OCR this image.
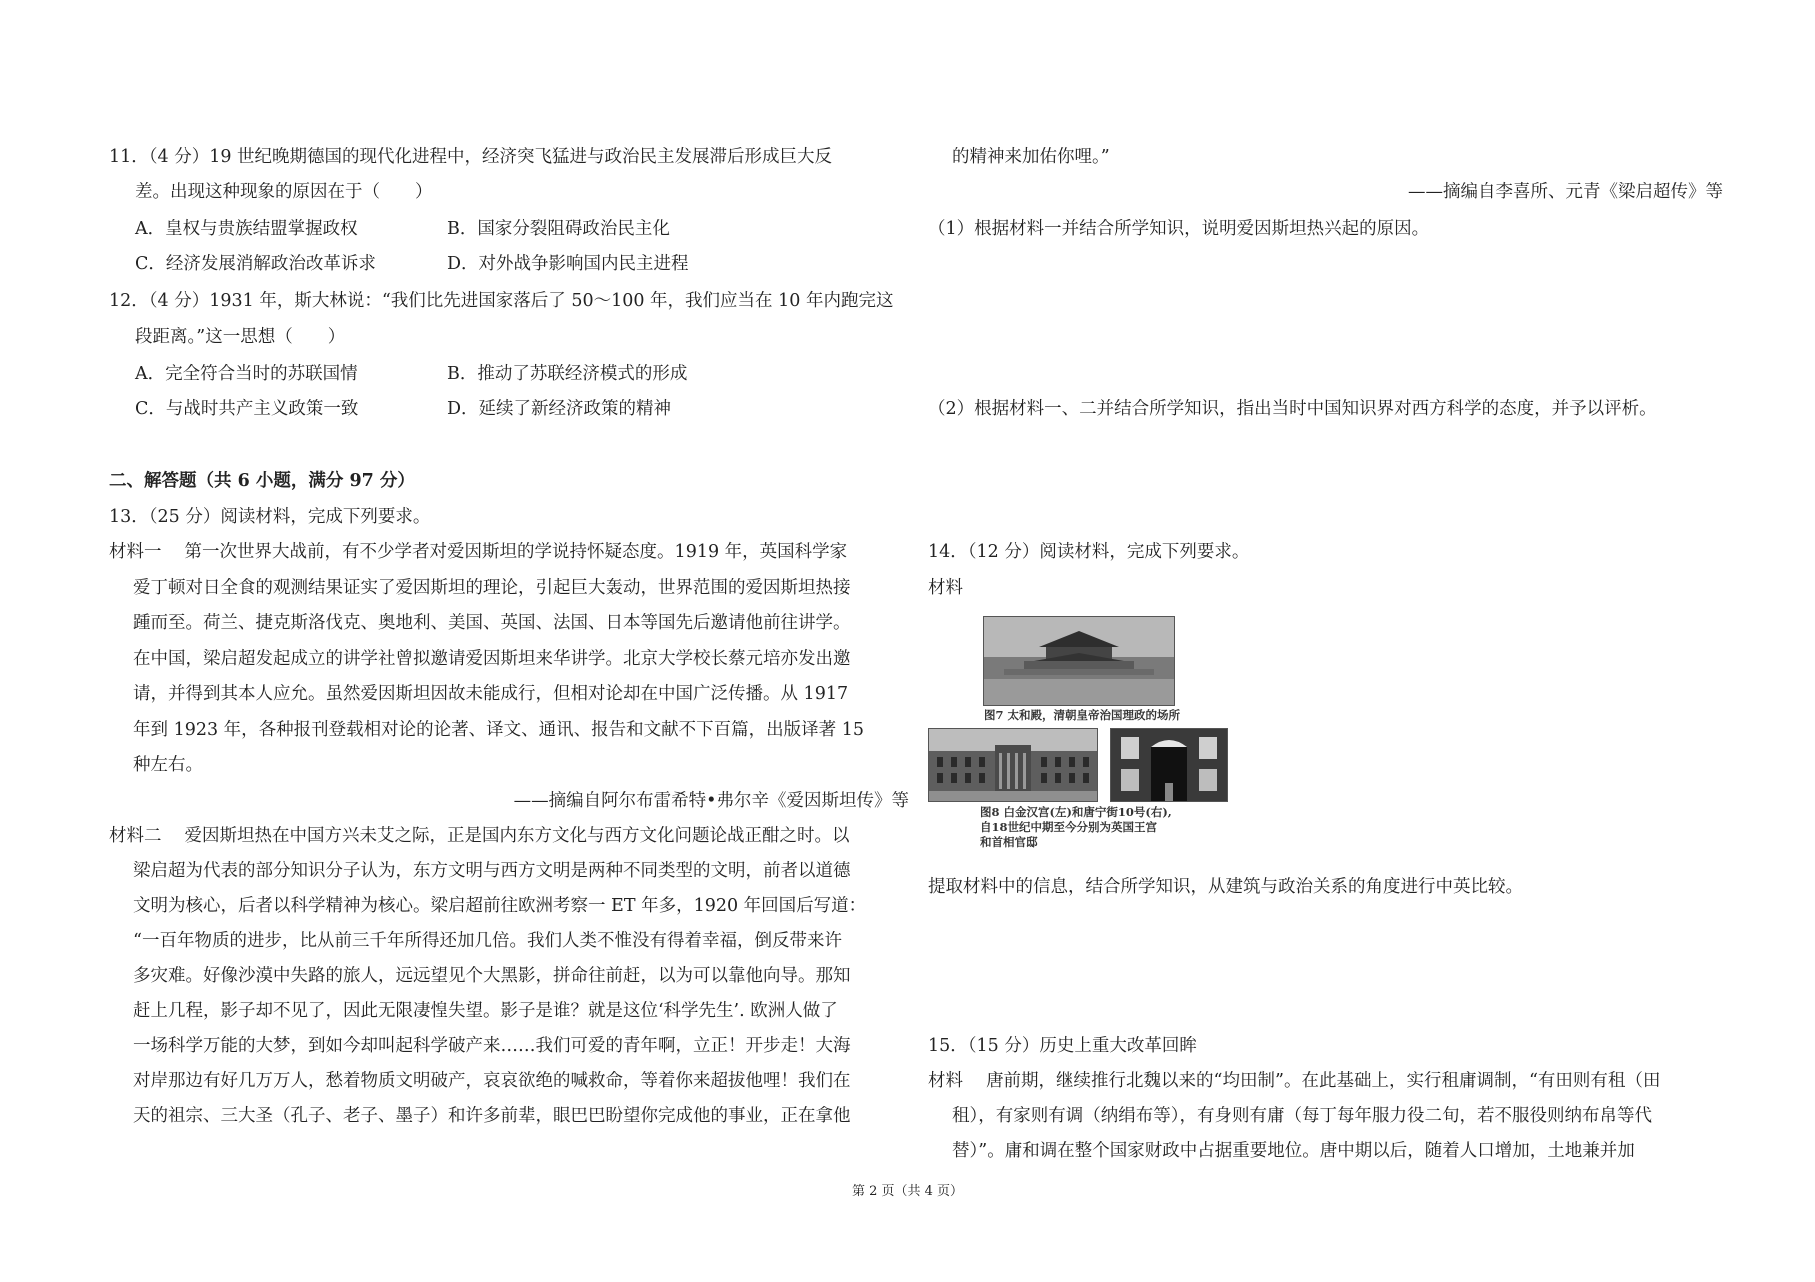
11．（4 分）19 世纪晚期德国的现代化进程中，经济突飞猛进与政治民主发展滞后形成巨大反
差。出现这种现象的原因在于（　　）
A．皇权与贵族结盟掌握政权	B．国家分裂阻碍政治民主化
C．经济发展消解政治改革诉求	D．对外战争影响国内民主进程
12．（4 分）1931 年，斯大林说：“我们比先进国家落后了 50～100 年，我们应当在 10 年内跑完这
段距离。”这一思想（　　）
A．完全符合当时的苏联国情	B．推动了苏联经济模式的形成
C．与战时共产主义政策一致	D．延续了新经济政策的精神
二、解答题（共 6 小题，满分 97 分）
13．（25 分）阅读材料，完成下列要求。
材料一　 第一次世界大战前，有不少学者对爱因斯坦的学说持怀疑态度。1919 年，英国科学家
爱丁顿对日全食的观测结果证实了爱因斯坦的理论，引起巨大轰动，世界范围的爱因斯坦热接
踵而至。荷兰、捷克斯洛伐克、奥地利、美国、英国、法国、日本等国先后邀请他前往讲学。
在中国，梁启超发起成立的讲学社曾拟邀请爱因斯坦来华讲学。北京大学校长蔡元培亦发出邀
请，并得到其本人应允。虽然爱因斯坦因故未能成行，但相对论却在中国广泛传播。从 1917
年到 1923 年，各种报刊登载相对论的论著、译文、通讯、报告和文献不下百篇，出版译著 15
种左右。
——摘编自阿尔布雷希特•弗尔辛《爱因斯坦传》等
材料二　 爱因斯坦热在中国方兴未艾之际，正是国内东方文化与西方文化问题论战正酣之时。以
梁启超为代表的部分知识分子认为，东方文明与西方文明是两种不同类型的文明，前者以道德
文明为核心，后者以科学精神为核心。梁启超前往欧洲考察一 ET 年多，1920 年回国后写道：
“一百年物质的进步，比从前三千年所得还加几倍。我们人类不惟没有得着幸福，倒反带来许
多灾难。好像沙漠中失路的旅人，远远望见个大黑影，拼命往前赶，以为可以靠他向导。那知
赶上几程，影子却不见了，因此无限凄惶失望。影子是谁？就是这位‘科学先生’. 欧洲人做了
一场科学万能的大梦，到如今却叫起科学破产来……我们可爱的青年啊，立正！开步走！大海
对岸那边有好几万万人，愁着物质文明破产，哀哀欲绝的喊救命，等着你来超拔他哩！我们在
天的祖宗、三大圣（孔子、老子、墨子）和许多前辈，眼巴巴盼望你完成他的事业，正在拿他
的精神来加佑你哩。”
——摘编自李喜所、元青《梁启超传》等
（1）根据材料一并结合所学知识，说明爱因斯坦热兴起的原因。
（2）根据材料一、二并结合所学知识，指出当时中国知识界对西方科学的态度，并予以评析。
14．（12 分）阅读材料，完成下列要求。
材料
图7 太和殿，清朝皇帝治国理政的场所
图8 白金汉宫(左)和唐宁街10号(右),
自18世纪中期至今分别为英国王宫
和首相官邸
提取材料中的信息，结合所学知识，从建筑与政治关系的角度进行中英比较。
15．（15 分）历史上重大改革回眸
材料　 唐前期，继续推行北魏以来的“均田制”。在此基础上，实行租庸调制，“有田则有租（田
租），有家则有调（纳绢布等），有身则有庸（每丁每年服力役二旬，若不服役则纳布帛等代
替）”。庸和调在整个国家财政中占据重要地位。唐中期以后，随着人口增加，土地兼并加
第 2 页（共 4 页）
